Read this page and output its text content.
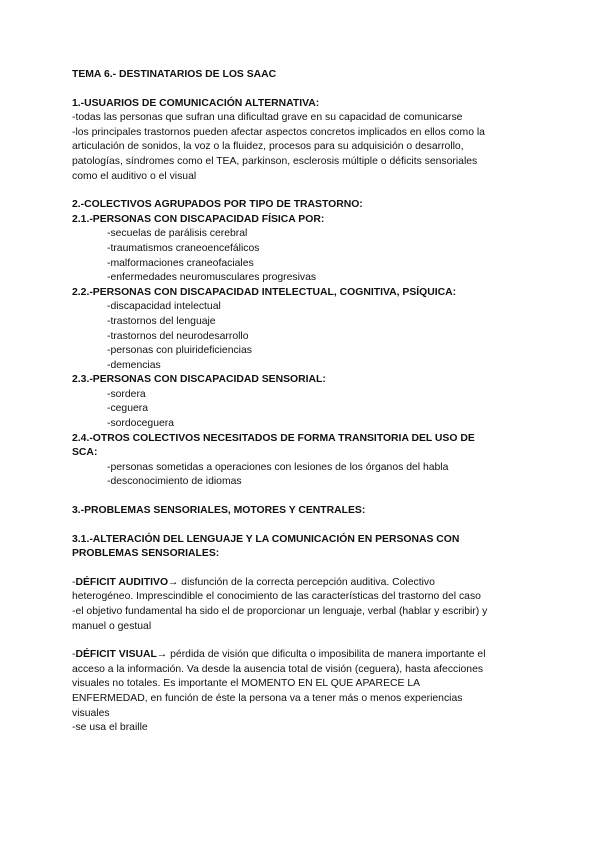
TEMA 6.- DESTINATARIOS DE LOS SAAC

1.-USUARIOS DE COMUNICACIÓN ALTERNATIVA:

-todas las personas que sufran una dificultad grave en su capacidad de comunicarse

-los principales trastornos pueden afectar aspectos concretos implicados en ellos como la

articulación de sonidos, la voz o la fluidez, procesos para su adquisición o desarrollo,

patologías, síndromes como el TEA, parkinson, esclerosis múltiple o déficits sensoriales

como el auditivo o el visual

2.-COLECTIVOS AGRUPADOS POR TIPO DE TRASTORNO:

2.1.-PERSONAS CON DISCAPACIDAD FÍSICA POR:

-secuelas de parálisis cerebral
-traumatismos craneoencefálicos
-malformaciones craneofaciales
-enfermedades neuromusculares progresivas

2.2.-PERSONAS CON DISCAPACIDAD INTELECTUAL, COGNITIVA, PSÍQUICA:

-discapacidad intelectual
-trastornos del lenguaje
-trastornos del neurodesarrollo
-personas con pluirideficiencias
-demencias

2.3.-PERSONAS CON DISCAPACIDAD SENSORIAL:

-sordera
-ceguera
-sordoceguera

2.4.-OTROS COLECTIVOS NECESITADOS DE FORMA TRANSITORIA DEL USO DE

SCA:

-personas sometidas a operaciones con lesiones de los órganos del habla
-desconocimiento de idiomas

3.-PROBLEMAS SENSORIALES, MOTORES Y CENTRALES:

3.1.-ALTERACIÓN DEL LENGUAJE Y LA COMUNICACIÓN EN PERSONAS CON

PROBLEMAS SENSORIALES:

-DÉFICIT AUDITIVO→ disfunción de la correcta percepción auditiva. Colectivo

heterogéneo. Imprescindible el conocimiento de las características del trastorno del caso

-el objetivo fundamental ha sido el de proporcionar un lenguaje, verbal (hablar y escribir) y

manuel o gestual

-DÉFICIT VISUAL→ pérdida de visión que dificulta o imposibilita de manera importante el

acceso a la información. Va desde la ausencia total de visión (ceguera), hasta afecciones

visuales no totales. Es importante el MOMENTO EN EL QUE APARECE LA

ENFERMEDAD, en función de éste la persona va a tener más o menos experiencias

visuales

-se usa el braille
